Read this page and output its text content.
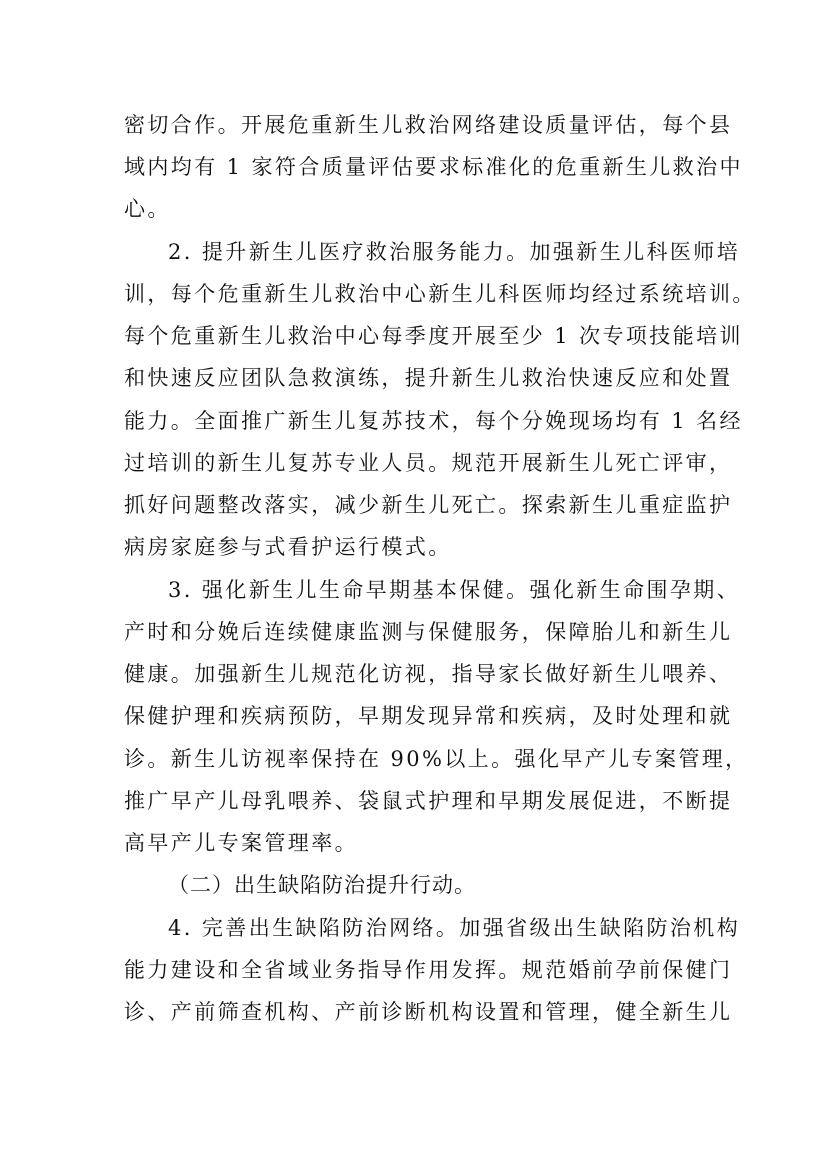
密切合作。开展危重新生儿救治网络建设质量评估，每个县

域内均有 1 家符合质量评估要求标准化的危重新生儿救治中

心。

2. 提升新生儿医疗救治服务能力。加强新生儿科医师培

训，每个危重新生儿救治中心新生儿科医师均经过系统培训。

每个危重新生儿救治中心每季度开展至少 1 次专项技能培训

和快速反应团队急救演练，提升新生儿救治快速反应和处置

能力。全面推广新生儿复苏技术，每个分娩现场均有 1 名经

过培训的新生儿复苏专业人员。规范开展新生儿死亡评审，

抓好问题整改落实，减少新生儿死亡。探索新生儿重症监护

病房家庭参与式看护运行模式。

3. 强化新生儿生命早期基本保健。强化新生命围孕期、

产时和分娩后连续健康监测与保健服务，保障胎儿和新生儿

健康。加强新生儿规范化访视，指导家长做好新生儿喂养、

保健护理和疾病预防，早期发现异常和疾病，及时处理和就

诊。新生儿访视率保持在 90%以上。强化早产儿专案管理，

推广早产儿母乳喂养、袋鼠式护理和早期发展促进，不断提

高早产儿专案管理率。

（二）出生缺陷防治提升行动。

4. 完善出生缺陷防治网络。加强省级出生缺陷防治机构

能力建设和全省域业务指导作用发挥。规范婚前孕前保健门

诊、产前筛查机构、产前诊断机构设置和管理，健全新生儿
